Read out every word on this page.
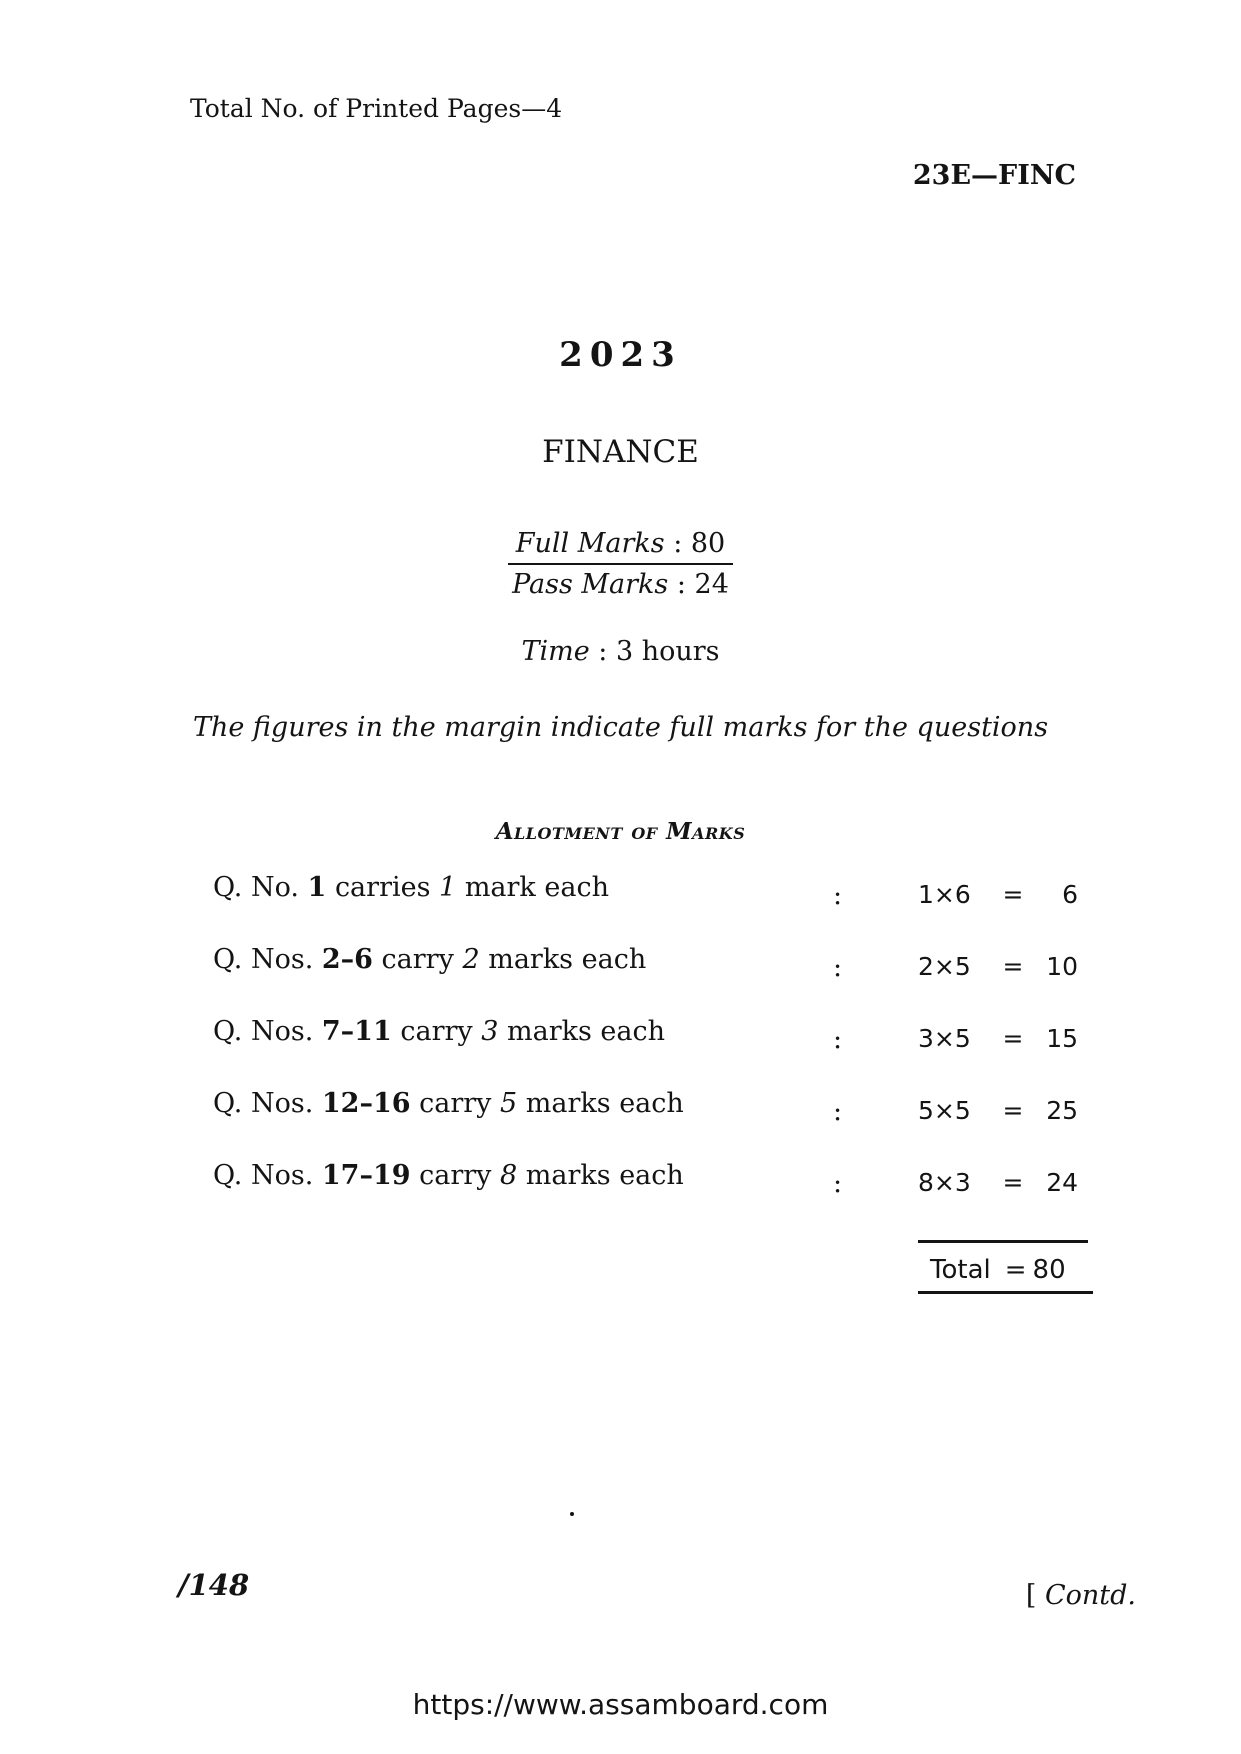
Total No. of Printed Pages—4
23E—FINC
2023
FINANCE
Full Marks : 80
Pass Marks : 24
Time : 3 hours
The figures in the margin indicate full marks for the questions
Allotment of Marks
Q. No. 1 carries 1 mark each	:	1×6 = 6
Q. Nos. 2–6 carry 2 marks each	:	2×5 = 10
Q. Nos. 7–11 carry 3 marks each	:	3×5 = 15
Q. Nos. 12–16 carry 5 marks each	:	5×5 = 25
Q. Nos. 17–19 carry 8 marks each	:	8×3 = 24
Total = 80
/148	[ Contd.
https://www.assamboard.com
